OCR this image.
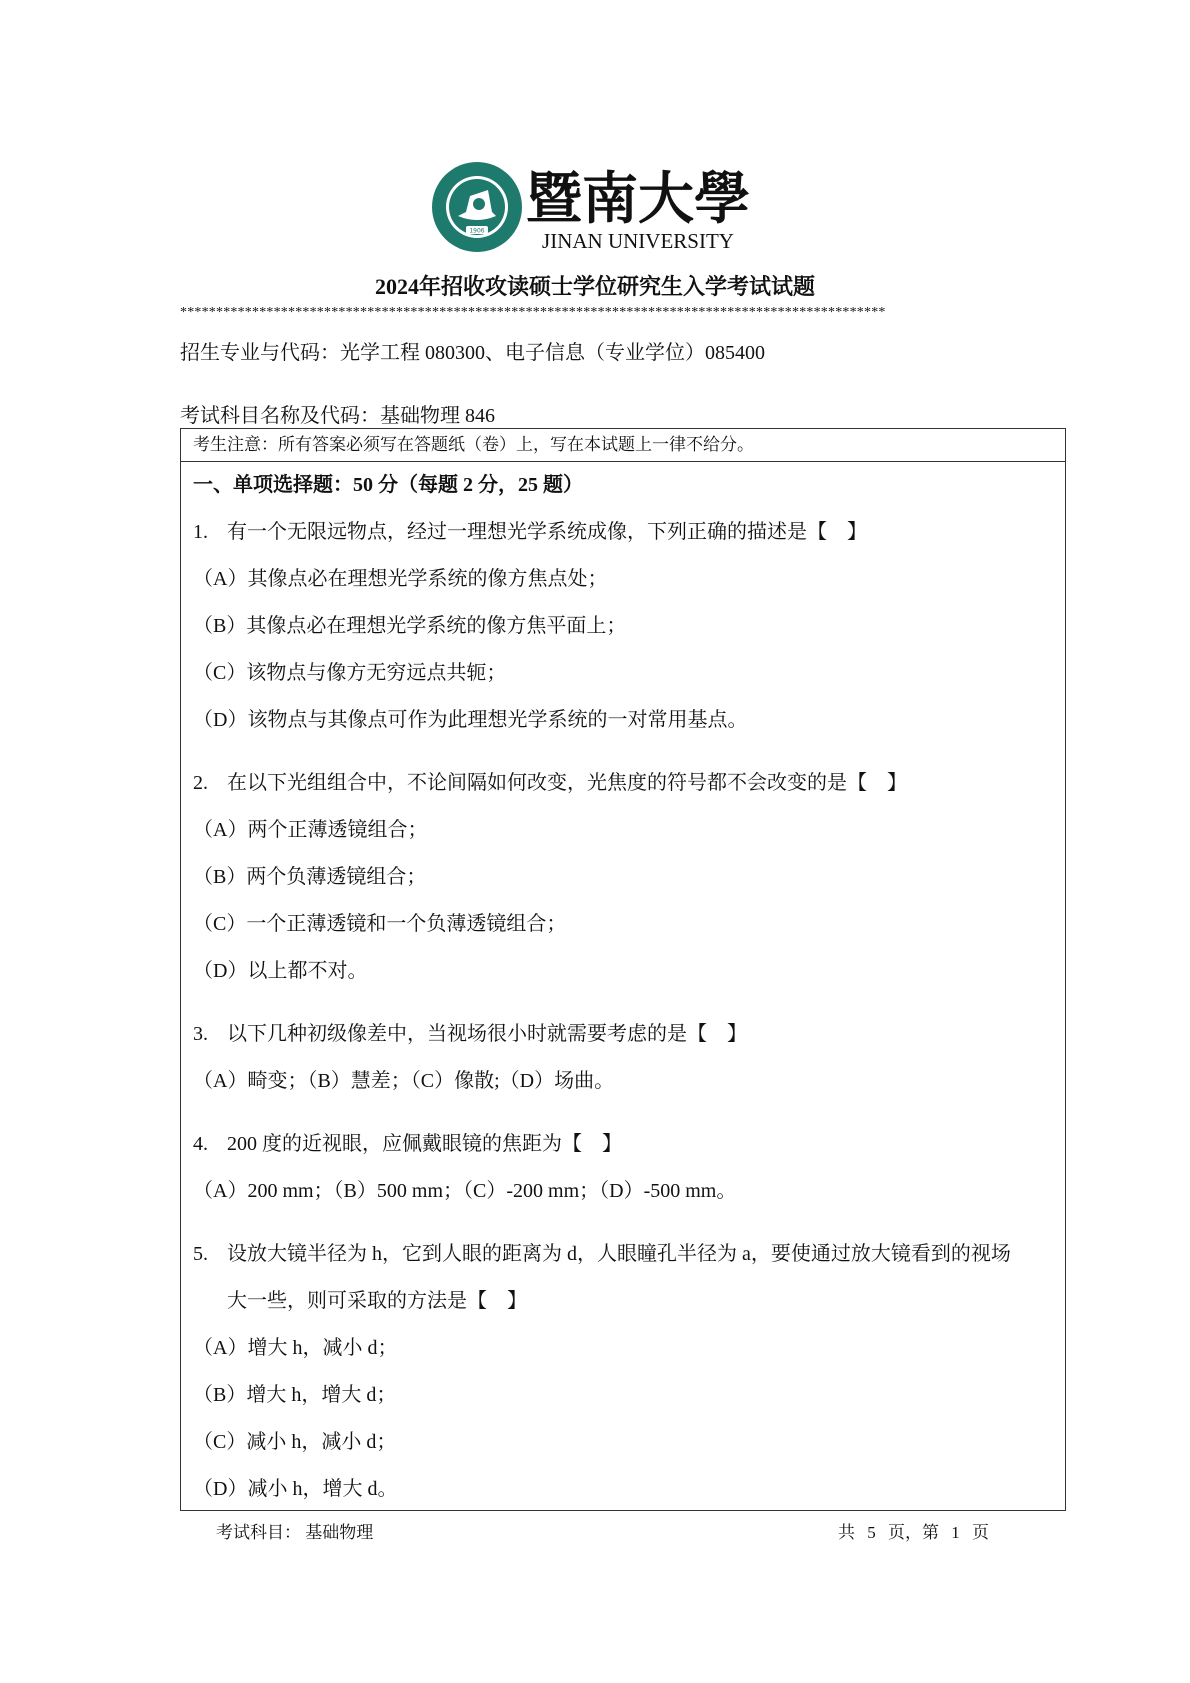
1906 暨南大學
JINAN UNIVERSITY
2024年招收攻读硕士学位研究生入学考试试题
**************************************************************************************************
招生专业与代码：光学工程 080300、电子信息（专业学位）085400
考试科目名称及代码：基础物理 846
考生注意：所有答案必须写在答题纸（卷）上，写在本试题上一律不给分。
一、单项选择题：50 分（每题 2 分，25 题）
1. 有一个无限远物点，经过一理想光学系统成像，下列正确的描述是【　】
（A）其像点必在理想光学系统的像方焦点处；
（B）其像点必在理想光学系统的像方焦平面上；
（C）该物点与像方无穷远点共轭；
（D）该物点与其像点可作为此理想光学系统的一对常用基点。
2. 在以下光组组合中，不论间隔如何改变，光焦度的符号都不会改变的是【　】
（A）两个正薄透镜组合；
（B）两个负薄透镜组合；
（C）一个正薄透镜和一个负薄透镜组合；
（D）以上都不对。
3. 以下几种初级像差中，当视场很小时就需要考虑的是【　】
（A）畸变；（B）慧差；（C）像散;（D）场曲。
4. 200 度的近视眼，应佩戴眼镜的焦距为【　】
（A）200 mm；（B）500 mm；（C）-200 mm；（D）-500 mm。
5. 设放大镜半径为 h，它到人眼的距离为 d，人眼瞳孔半径为 a，要使通过放大镜看到的视场
大一些，则可采取的方法是【　】
（A）增大 h，减小 d；
（B）增大 h，增大 d；
（C）减小 h，减小 d；
（D）减小 h，增大 d。
考试科目： 基础物理	共 5 页，第 1 页
